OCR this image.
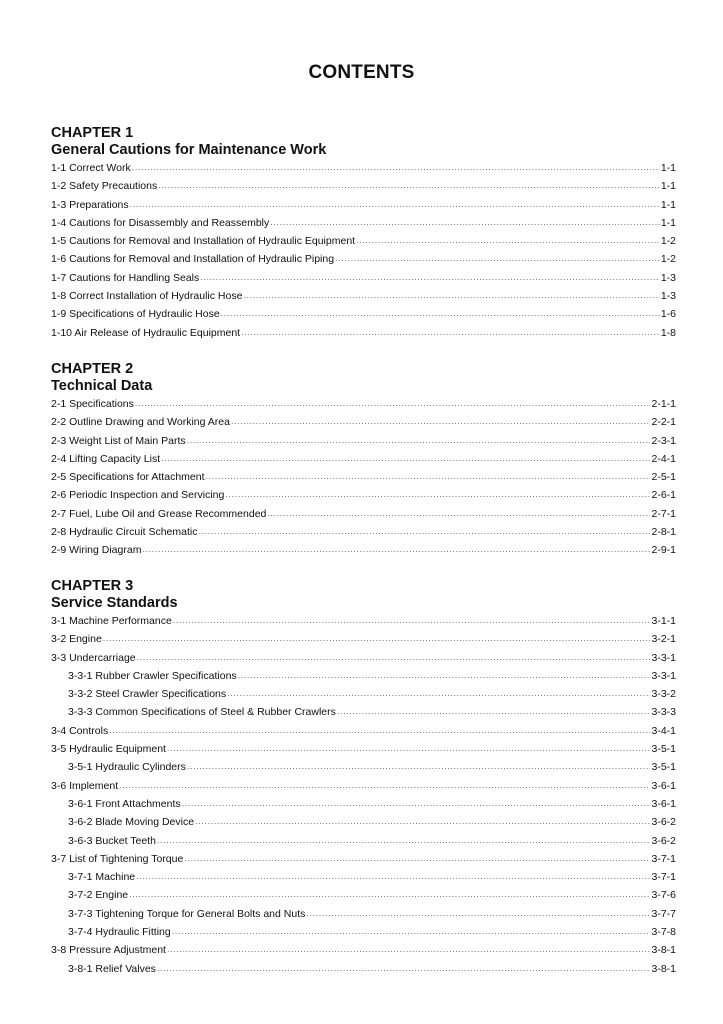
CONTENTS
CHAPTER 1
General Cautions for Maintenance Work
1-1 Correct Work .....	1-1
1-2 Safety Precautions .....	1-1
1-3 Preparations .....	1-1
1-4 Cautions for Disassembly and Reassembly .....	1-1
1-5 Cautions for Removal and Installation of Hydraulic Equipment .....	1-2
1-6 Cautions for Removal and Installation of Hydraulic Piping .....	1-2
1-7 Cautions for Handling Seals .....	1-3
1-8 Correct Installation of Hydraulic Hose .....	1-3
1-9 Specifications of Hydraulic Hose .....	1-6
1-10 Air Release of Hydraulic Equipment .....	1-8
CHAPTER 2
Technical Data
2-1 Specifications .....	2-1-1
2-2 Outline Drawing and Working Area .....	2-2-1
2-3 Weight List of Main Parts .....	2-3-1
2-4 Lifting Capacity List .....	2-4-1
2-5 Specifications for Attachment .....	2-5-1
2-6 Periodic Inspection and Servicing .....	2-6-1
2-7 Fuel, Lube Oil and Grease Recommended .....	2-7-1
2-8 Hydraulic Circuit Schematic .....	2-8-1
2-9 Wiring Diagram .....	2-9-1
CHAPTER 3
Service Standards
3-1 Machine Performance .....	3-1-1
3-2 Engine .....	3-2-1
3-3 Undercarriage .....	3-3-1
3-3-1 Rubber Crawler Specifications .....	3-3-1
3-3-2 Steel Crawler Specifications .....	3-3-2
3-3-3 Common Specifications of Steel & Rubber Crawlers .....	3-3-3
3-4 Controls .....	3-4-1
3-5 Hydraulic Equipment .....	3-5-1
3-5-1 Hydraulic Cylinders .....	3-5-1
3-6 Implement .....	3-6-1
3-6-1 Front Attachments .....	3-6-1
3-6-2 Blade Moving Device .....	3-6-2
3-6-3 Bucket Teeth .....	3-6-2
3-7 List of Tightening Torque .....	3-7-1
3-7-1 Machine .....	3-7-1
3-7-2 Engine .....	3-7-6
3-7-3 Tightening Torque for General Bolts and Nuts .....	3-7-7
3-7-4 Hydraulic Fitting .....	3-7-8
3-8 Pressure Adjustment .....	3-8-1
3-8-1 Relief Valves .....	3-8-1
